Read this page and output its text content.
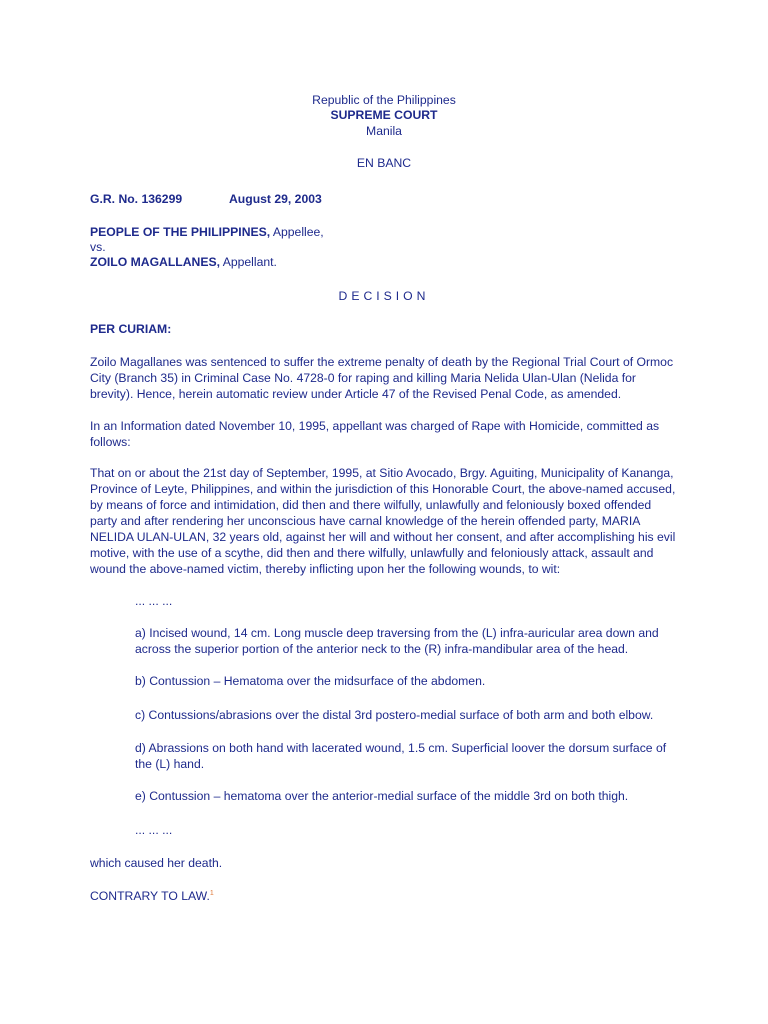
Republic of the Philippines
SUPREME COURT
Manila
EN BANC
G.R. No. 136299	August 29, 2003
PEOPLE OF THE PHILIPPINES, Appellee,
vs.
ZOILO MAGALLANES, Appellant.
DECISION
PER CURIAM:
Zoilo Magallanes was sentenced to suffer the extreme penalty of death by the Regional Trial Court of Ormoc City (Branch 35) in Criminal Case No. 4728-0 for raping and killing Maria Nelida Ulan-Ulan (Nelida for brevity). Hence, herein automatic review under Article 47 of the Revised Penal Code, as amended.
In an Information dated November 10, 1995, appellant was charged of Rape with Homicide, committed as follows:
That on or about the 21st day of September, 1995, at Sitio Avocado, Brgy. Aguiting, Municipality of Kananga, Province of Leyte, Philippines, and within the jurisdiction of this Honorable Court, the above-named accused, by means of force and intimidation, did then and there wilfully, unlawfully and feloniously boxed offended party and after rendering her unconscious have carnal knowledge of the herein offended party, MARIA NELIDA ULAN-ULAN, 32 years old, against her will and without her consent, and after accomplishing his evil motive, with the use of a scythe, did then and there wilfully, unlawfully and feloniously attack, assault and wound the above-named victim, thereby inflicting upon her the following wounds, to wit:
... ... ...
a) Incised wound, 14 cm. Long muscle deep traversing from the (L) infra-auricular area down and across the superior portion of the anterior neck to the (R) infra-mandibular area of the head.
b) Contussion – Hematoma over the midsurface of the abdomen.
c) Contussions/abrasions over the distal 3rd postero-medial surface of both arm and both elbow.
d) Abrassions on both hand with lacerated wound, 1.5 cm. Superficial loover the dorsum surface of the (L) hand.
e) Contussion – hematoma over the anterior-medial surface of the middle 3rd on both thigh.
... ... ...
which caused her death.
CONTRARY TO LAW.$^1$
